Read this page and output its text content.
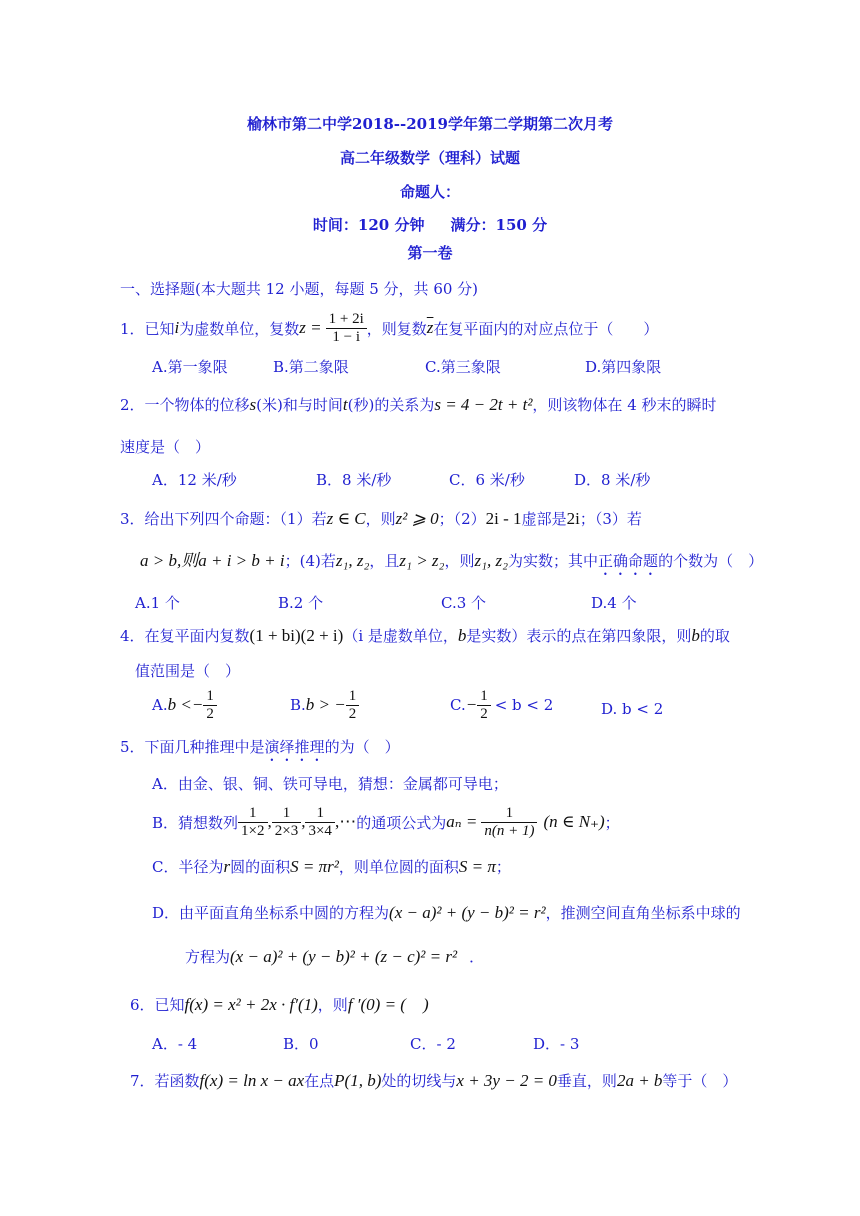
榆林市第二中学2018--2019学年第二学期第二次月考
高二年级数学（理科）试题
命题人：
时间：120 分钟     满分：150 分
第一卷
一、选择题(本大题共 12 小题，每题 5 分，共 60 分)
1．已知 i 为虚数单位，复数 $z = \frac{1 + 2i}{1 - i}$ ，则复数 $\overline{z}$ 在复平面内的对应点位于（　　）
A.第一象限	B.第二象限	C.第三象限	D.第四象限
2．一个物体的位移s(米)和与时间t(秒)的关系为s = 4 − 2t + t²，则该物体在 4 秒末的瞬时
速度是（　）
A．12 米/秒	B．8 米/秒	C．6 米/秒	D．8 米/秒
3．给出下列四个命题：（1）若z ∈ C，则z² ⩾ 0；（2）2i - 1虚部是2i；（3）若
a > b,则a + i > b + i；(4)若z₁, z₂，且z₁ > z₂，则z₁, z₂为实数；其中正确命题的个数为（　）
A.1 个	B.2 个	C.3 个	D.4 个
4．在复平面内复数(1 + bi)(2 + i)（i 是虚数单位，b是实数）表示的点在第四象限，则b的取
值范围是（　）
A. $b <- \frac{1}{2}$	B. b > − $\frac{1}{2}$	C. − $\frac{1}{2} < b < 2$	D. b < 2
5．下面几种推理中是演绎推理的为（　）
A．由金、银、铜、铁可导电，猜想：金属都可导电；
B．猜想数列 $\frac{1}{1\times 2}$ , $\frac{1}{2\times 3}$ , $\frac{1}{3\times 4}$ ,⋯ 的通项公式为 $a_n = \frac{1}{n(n + 1)} (n$ ∈ N₊) ；
C．半径为r圆的面积S = πr²，则单位圆的面积S = π；
D．由平面直角坐标系中圆的方程为(x − a)² + (y − b)² = r²，推测空间直角坐标系中球的
方程为(x − a)² + (y − b)² + (z − c)² = r² ．
6．已知f(x) = x² + 2x · f′(1)，则f ′(0) = (　)
A．- 4	B．0	C．- 2	D．- 3
7．若函数f(x) = ln x − ax在点P(1, b)处的切线与x + 3y − 2 = 0垂直，则2a + b等于（　）
